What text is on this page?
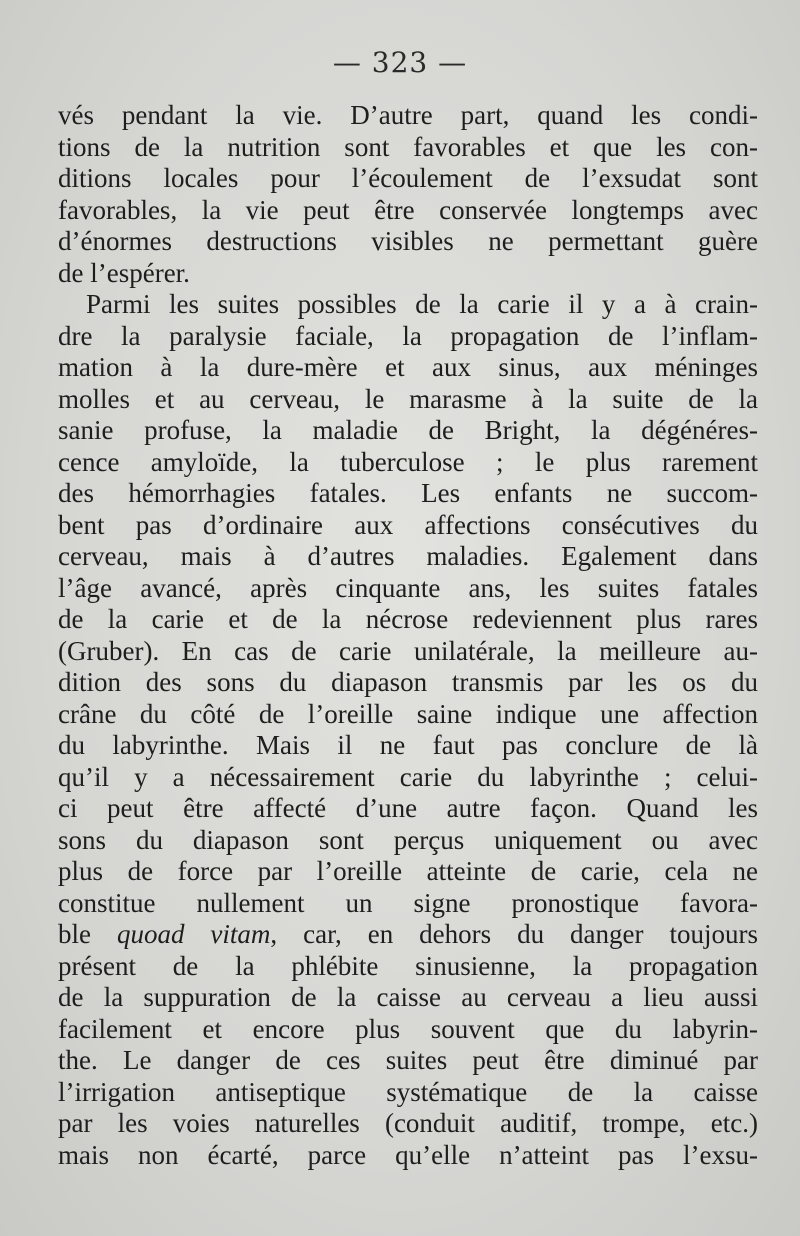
— 323 —
vés pendant la vie. D’autre part, quand les condi-
tions de la nutrition sont favorables et que les con-
ditions locales pour l’écoulement de l’exsudat sont
favorables, la vie peut être conservée longtemps avec
d’énormes destructions visibles ne permettant guère
de l’espérer.
Parmi les suites possibles de la carie il y a à crain-
dre la paralysie faciale, la propagation de l’inflam-
mation à la dure-mère et aux sinus, aux méninges
molles et au cerveau, le marasme à la suite de la
sanie profuse, la maladie de Bright, la dégénéres-
cence amyloïde, la tuberculose ; le plus rarement
des hémorrhagies fatales. Les enfants ne succom-
bent pas d’ordinaire aux affections consécutives du
cerveau, mais à d’autres maladies. Egalement dans
l’âge avancé, après cinquante ans, les suites fatales
de la carie et de la nécrose redeviennent plus rares
(Gruber). En cas de carie unilatérale, la meilleure au-
dition des sons du diapason transmis par les os du
crâne du côté de l’oreille saine indique une affection
du labyrinthe. Mais il ne faut pas conclure de là
qu’il y a nécessairement carie du labyrinthe ; celui-
ci peut être affecté d’une autre façon. Quand les
sons du diapason sont perçus uniquement ou avec
plus de force par l’oreille atteinte de carie, cela ne
constitue nullement un signe pronostique favora-
ble quoad vitam, car, en dehors du danger toujours
présent de la phlébite sinusienne, la propagation
de la suppuration de la caisse au cerveau a lieu aussi
facilement et encore plus souvent que du labyrin-
the. Le danger de ces suites peut être diminué par
l’irrigation antiseptique systématique de la caisse
par les voies naturelles (conduit auditif, trompe, etc.)
mais non écarté, parce qu’elle n’atteint pas l’exsu-
